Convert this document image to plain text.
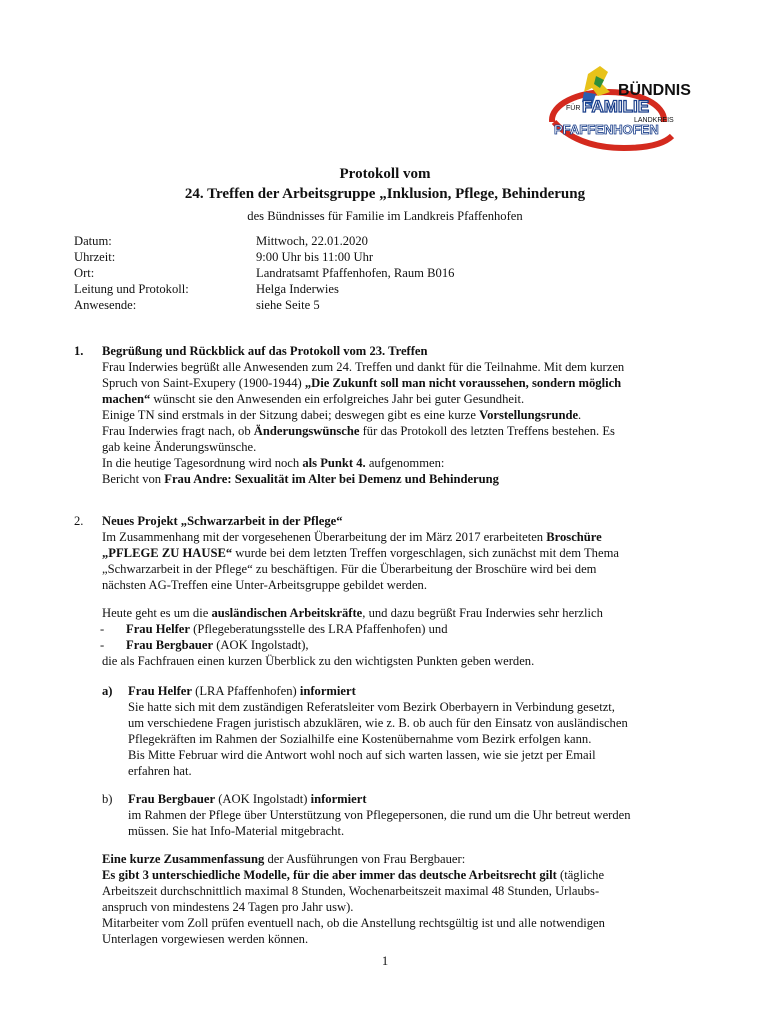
BÜNDNIS
FÜR FAMILIE
LANDKREIS
PFAFFENHOFEN
Protokoll vom
24. Treffen der Arbeitsgruppe „Inklusion, Pflege, Behinderung
des Bündnisses für Familie im Landkreis Pfaffenhofen
Datum:	Mittwoch, 22.01.2020
Uhrzeit:	9:00 Uhr bis 11:00 Uhr
Ort:	Landratsamt Pfaffenhofen, Raum B016
Leitung und Protokoll:	Helga Inderwies
Anwesende:	siehe Seite 5
1. Begrüßung und Rückblick auf das Protokoll vom 23. Treffen

Frau Inderwies begrüßt alle Anwesenden zum 24. Treffen und dankt für die Teilnahme. Mit dem kurzen

Spruch von Saint-Exupery (1900-1944) „Die Zukunft soll man nicht voraussehen, sondern möglich

machen“ wünscht sie den Anwesenden ein erfolgreiches Jahr bei guter Gesundheit.

Einige TN sind erstmals in der Sitzung dabei; deswegen gibt es eine kurze Vorstellungsrunde.

Frau Inderwies fragt nach, ob Änderungswünsche für das Protokoll des letzten Treffens bestehen. Es

gab keine Änderungswünsche.

In die heutige Tagesordnung wird noch als Punkt 4. aufgenommen:

Bericht von Frau Andre: Sexualität im Alter bei Demenz und Behinderung

2. Neues Projekt „Schwarzarbeit in der Pflege“

Im Zusammenhang mit der vorgesehenen Überarbeitung der im März 2017 erarbeiteten Broschüre

„PFLEGE ZU HAUSE“ wurde bei dem letzten Treffen vorgeschlagen, sich zunächst mit dem Thema

„Schwarzarbeit in der Pflege“ zu beschäftigen. Für die Überarbeitung der Broschüre wird bei dem

nächsten AG-Treffen eine Unter-Arbeitsgruppe gebildet werden.

Heute geht es um die ausländischen Arbeitskräfte, und dazu begrüßt Frau Inderwies sehr herzlich

- Frau Helfer (Pflegeberatungsstelle des LRA Pfaffenhofen) und

- Frau Bergbauer (AOK Ingolstadt),

die als Fachfrauen einen kurzen Überblick zu den wichtigsten Punkten geben werden.

a) Frau Helfer (LRA Pfaffenhofen) informiert

Sie hatte sich mit dem zuständigen Referatsleiter vom Bezirk Oberbayern in Verbindung gesetzt,

um verschiedene Fragen juristisch abzuklären, wie z. B. ob auch für den Einsatz von ausländischen

Pflegekräften im Rahmen der Sozialhilfe eine Kostenübernahme vom Bezirk erfolgen kann.

Bis Mitte Februar wird die Antwort wohl noch auf sich warten lassen, wie sie jetzt per Email

erfahren hat.

b) Frau Bergbauer (AOK Ingolstadt) informiert

im Rahmen der Pflege über Unterstützung von Pflegepersonen, die rund um die Uhr betreut werden

müssen. Sie hat Info-Material mitgebracht.

Eine kurze Zusammenfassung der Ausführungen von Frau Bergbauer:

Es gibt 3 unterschiedliche Modelle, für die aber immer das deutsche Arbeitsrecht gilt (tägliche

Arbeitszeit durchschnittlich maximal 8 Stunden, Wochenarbeitszeit maximal 48 Stunden, Urlaubs-

anspruch von mindestens 24 Tagen pro Jahr usw).

Mitarbeiter vom Zoll prüfen eventuell nach, ob die Anstellung rechtsgültig ist und alle notwendigen

Unterlagen vorgewiesen werden können.

1
